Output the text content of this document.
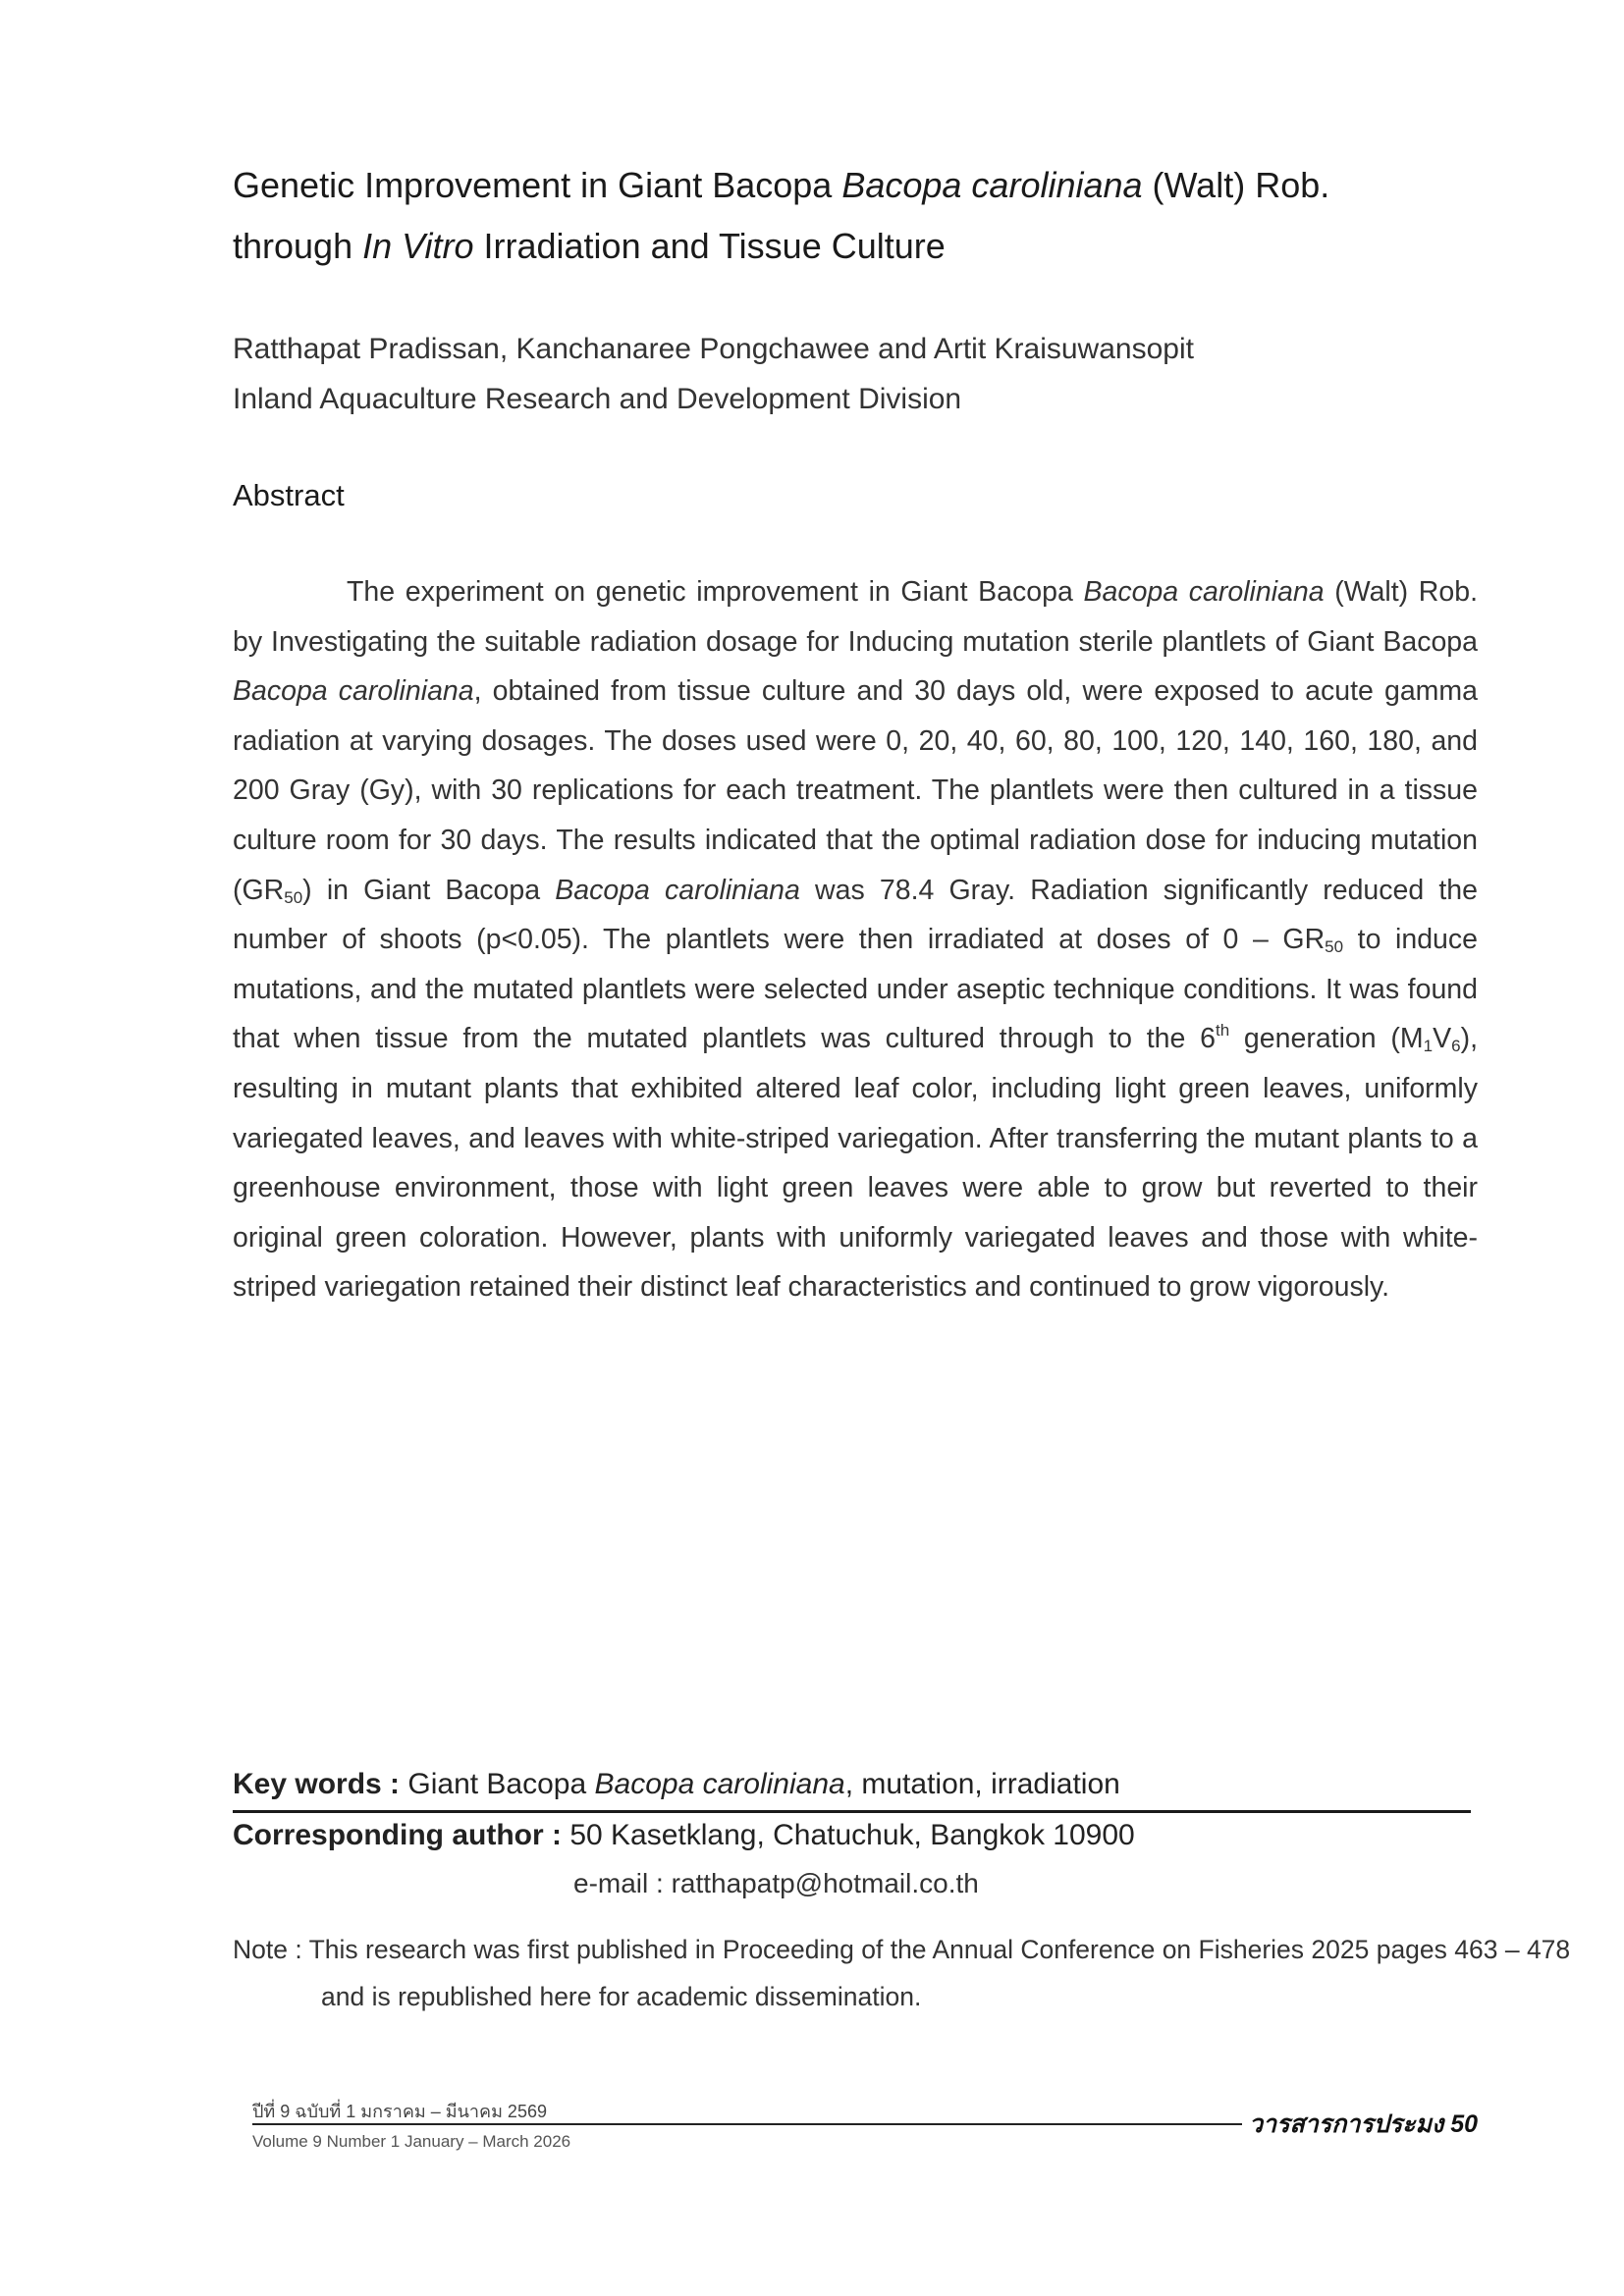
Genetic Improvement in Giant Bacopa Bacopa caroliniana (Walt) Rob.
through In Vitro Irradiation and Tissue Culture
Ratthapat Pradissan, Kanchanaree Pongchawee and Artit Kraisuwansopit
Inland Aquaculture Research and Development Division
Abstract
The experiment on genetic improvement in Giant Bacopa Bacopa caroliniana (Walt) Rob. by Investigating the suitable radiation dosage for Inducing mutation sterile plantlets of Giant Bacopa Bacopa caroliniana, obtained from tissue culture and 30 days old, were exposed to acute gamma radiation at varying dosages. The doses used were 0, 20, 40, 60, 80, 100, 120, 140, 160, 180, and 200 Gray (Gy), with 30 replications for each treatment. The plantlets were then cultured in a tissue culture room for 30 days. The results indicated that the optimal radiation dose for inducing mutation $(GR_{50})$ in Giant Bacopa Bacopa caroliniana was 78.4 Gray. Radiation significantly reduced the number of shoots (p<0.05). The plantlets were then irradiated at doses of $0 - GR_{50}$ to induce mutations, and the mutated plantlets were selected under aseptic technique conditions. It was found that when tissue from the mutated plantlets was cultured through to the 6th generation $(M_1V_6)$, resulting in mutant plants that exhibited altered leaf color, including light green leaves, uniformly variegated leaves, and leaves with white-striped variegation. After transferring the mutant plants to a greenhouse environment, those with light green leaves were able to grow but reverted to their original green coloration. However, plants with uniformly variegated leaves and those with white- striped variegation retained their distinct leaf characteristics and continued to grow vigorously.
Key words : Giant Bacopa Bacopa caroliniana, mutation, irradiation
Corresponding author : 50 Kasetklang, Chatuchuk, Bangkok 10900
e-mail : ratthapatp@hotmail.co.th
Note : This research was first published in Proceeding of the Annual Conference on Fisheries 2025 pages 463 – 478
and is republished here for academic dissemination.
ปีที่ 9 ฉบับที่ 1 มกราคม – มีนาคม 2569	วารสารการประมง 50
Volume 9 Number 1 January – March 2026
